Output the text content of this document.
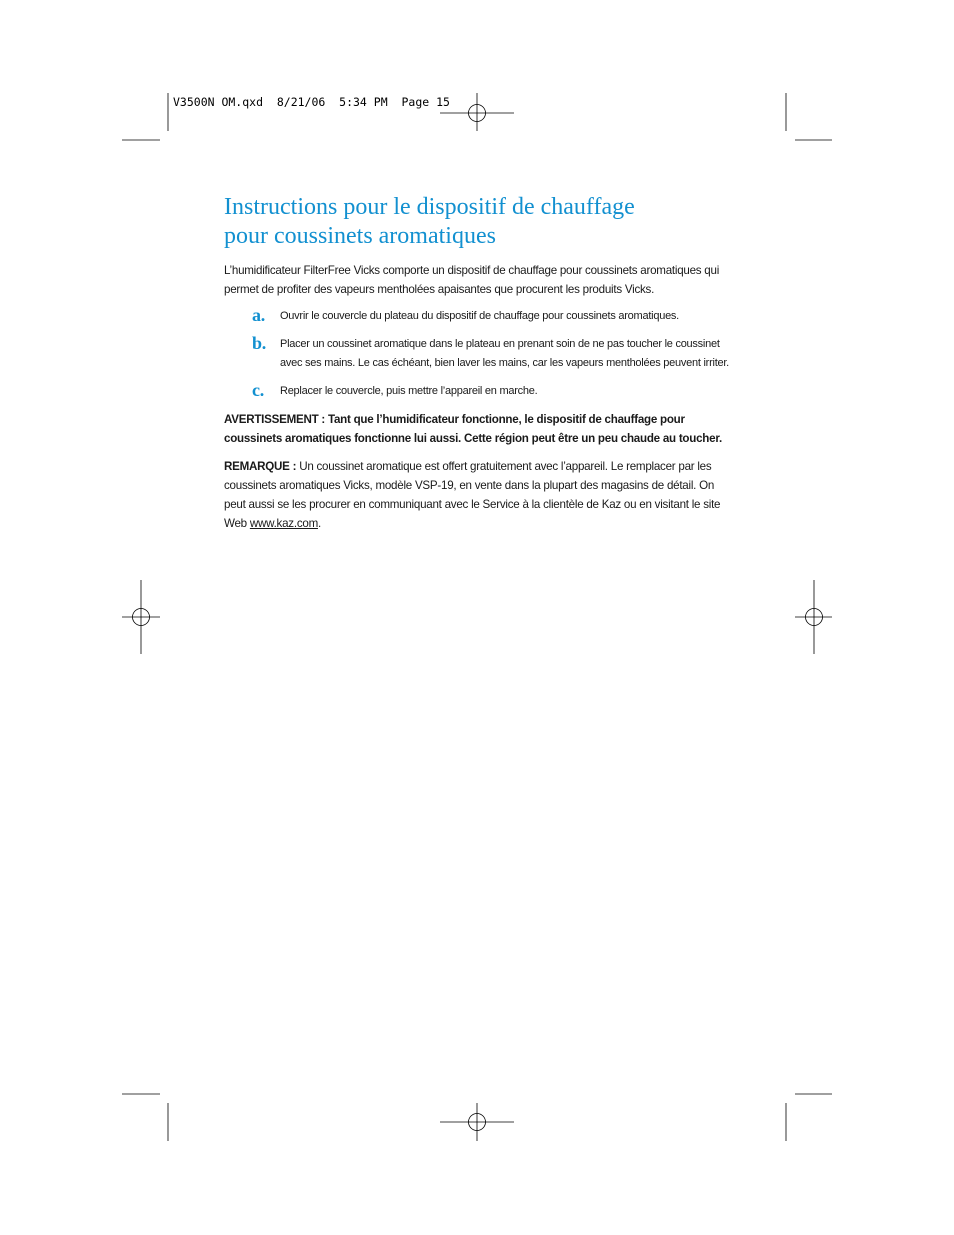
V3500N OM.qxd  8/21/06  5:34 PM  Page 15
Instructions pour le dispositif de chauffage
pour coussinets aromatiques

L’humidificateur FilterFree Vicks comporte un dispositif de chauffage pour coussinets aromatiques qui permet de profiter des vapeurs mentholées apaisantes que procurent les produits Vicks.

a. Ouvrir le couvercle du plateau du dispositif de chauffage pour coussinets aromatiques.
b. Placer un coussinet aromatique dans le plateau en prenant soin de ne pas toucher le coussinet avec ses mains. Le cas échéant, bien laver les mains, car les vapeurs mentholées peuvent irriter.
c. Replacer le couvercle, puis mettre l’appareil en marche.

AVERTISSEMENT : Tant que l’humidificateur fonctionne, le dispositif de chauffage pour coussinets aromatiques fonctionne lui aussi. Cette région peut être un peu chaude au toucher.

REMARQUE : Un coussinet aromatique est offert gratuitement avec l’appareil. Le remplacer par les coussinets aromatiques Vicks, modèle VSP-19, en vente dans la plupart des magasins de détail. On peut aussi se les procurer en communiquant avec le Service à la clientèle de Kaz ou en visitant le site Web www.kaz.com.
